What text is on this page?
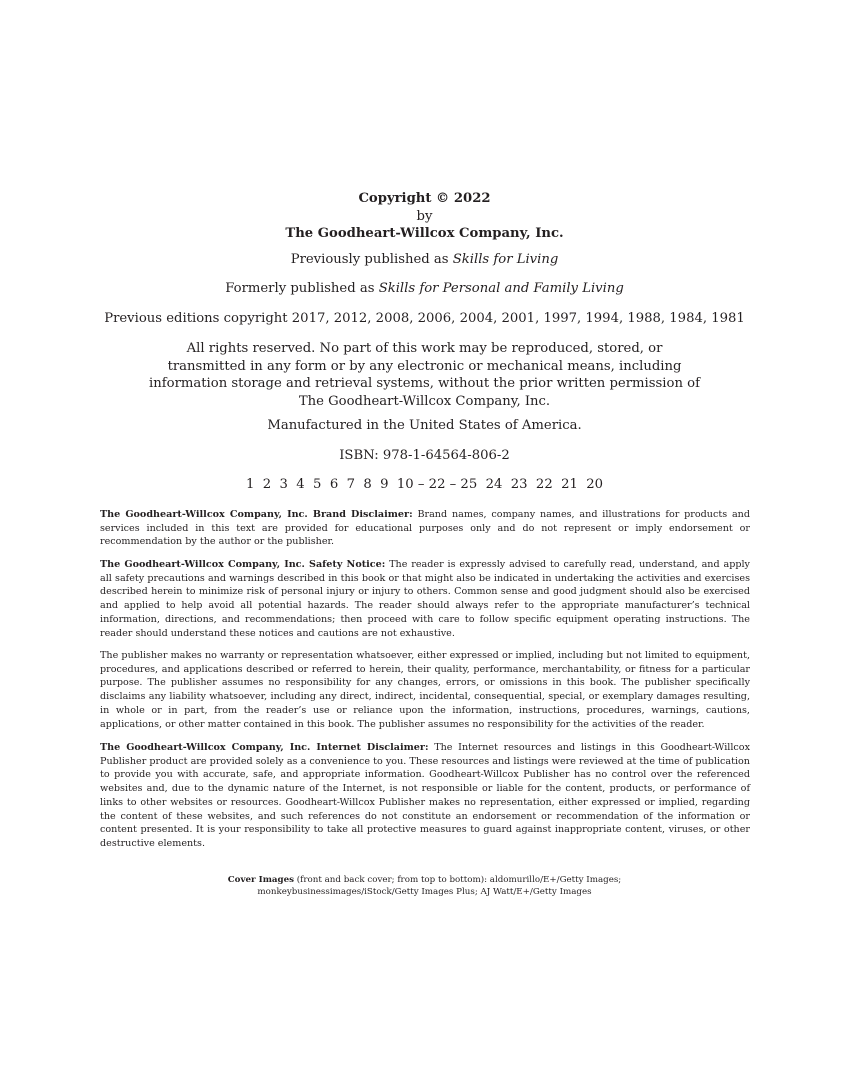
Copyright © 2022
by
The Goodheart-Willcox Company, Inc.
Previously published as Skills for Living
Formerly published as Skills for Personal and Family Living
Previous editions copyright 2017, 2012, 2008, 2006, 2004, 2001, 1997, 1994, 1988, 1984, 1981
All rights reserved. No part of this work may be reproduced, stored, or
transmitted in any form or by any electronic or mechanical means, including
information storage and retrieval systems, without the prior written permission of
The Goodheart-Willcox Company, Inc.
Manufactured in the United States of America.
ISBN: 978-1-64564-806-2
1  2  3  4  5  6  7  8  9  10 – 22 – 25  24  23  22  21  20

The Goodheart-Willcox Company, Inc. Brand Disclaimer: Brand names, company names, and illustrations for products and services included in this text are provided for educational purposes only and do not represent or imply endorsement or recommendation by the author or the publisher.

The Goodheart-Willcox Company, Inc. Safety Notice: The reader is expressly advised to carefully read, understand, and apply all safety precautions and warnings described in this book or that might also be indicated in undertaking the activities and exercises described herein to minimize risk of personal injury or injury to others. Common sense and good judgment should also be exercised and applied to help avoid all potential hazards. The reader should always refer to the appropriate manufacturer’s technical information, directions, and recommendations; then proceed with care to follow specific equipment operating instructions. The reader should understand these notices and cautions are not exhaustive.

The publisher makes no warranty or representation whatsoever, either expressed or implied, including but not limited to equipment, procedures, and applications described or referred to herein, their quality, performance, merchantability, or fitness for a particular purpose. The publisher assumes no responsibility for any changes, errors, or omissions in this book. The publisher specifically disclaims any liability whatsoever, including any direct, indirect, incidental, consequential, special, or exemplary damages resulting, in whole or in part, from the reader’s use or reliance upon the information, instructions, procedures, warnings, cautions, applications, or other matter contained in this book. The publisher assumes no responsibility for the activities of the reader.

The Goodheart-Willcox Company, Inc. Internet Disclaimer: The Internet resources and listings in this Goodheart-Willcox Publisher product are provided solely as a convenience to you. These resources and listings were reviewed at the time of publication to provide you with accurate, safe, and appropriate information. Goodheart-Willcox Publisher has no control over the referenced websites and, due to the dynamic nature of the Internet, is not responsible or liable for the content, products, or performance of links to other websites or resources. Goodheart-Willcox Publisher makes no representation, either expressed or implied, regarding the content of these websites, and such references do not constitute an endorsement or recommendation of the information or content presented. It is your responsibility to take all protective measures to guard against inappropriate content, viruses, or other destructive elements.

Cover Images (front and back cover; from top to bottom): aldomurillo/E+/Getty Images;
monkeybusinessimages/iStock/Getty Images Plus; AJ Watt/E+/Getty Images
